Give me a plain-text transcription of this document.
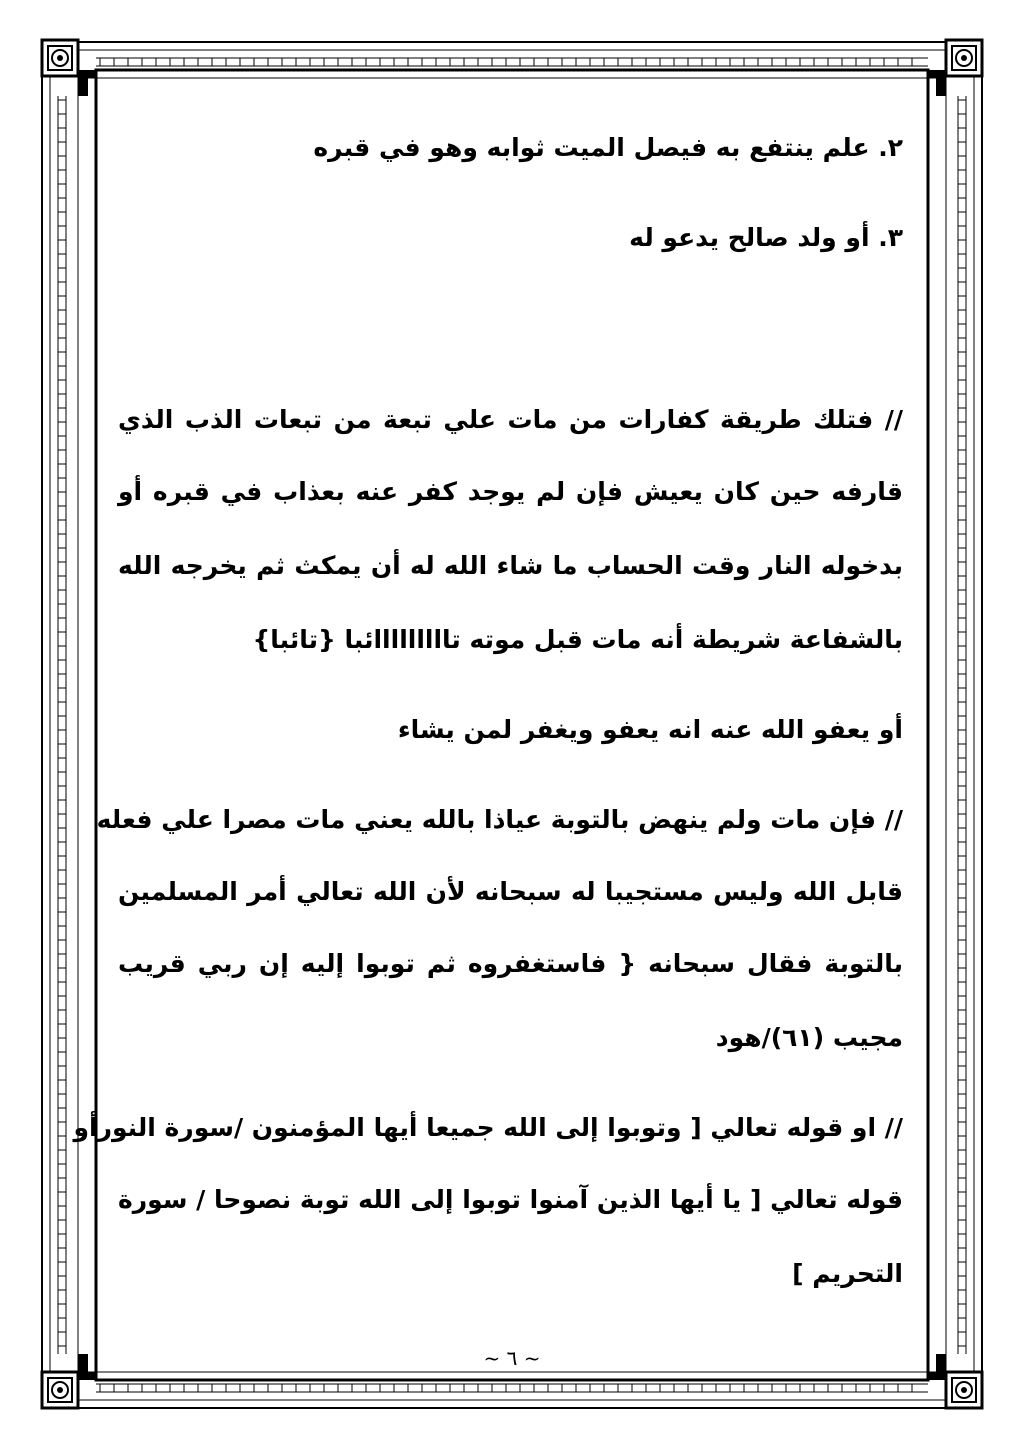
٢. علم ينتفع به فيصل الميت ثوابه وهو في قبره
٣. أو ولد صالح يدعو له
// فتلك طريقة كفارات من مات علي تبعة من تبعات الذب الذي
قارفه حين كان يعيش فإن لم يوجد كفر عنه بعذاب في قبره أو
بدخوله النار وقت الحساب ما شاء الله له أن يمكث ثم يخرجه الله
بالشفاعة شريطة أنه مات قبل موته تااااااااائبا {تائبا}
أو يعفو الله عنه انه يعفو ويغفر لمن يشاء
// فإن مات ولم ينهض بالتوبة عياذا بالله يعني مات مصرا علي فعله
قابل الله وليس مستجيبا له سبحانه لأن الله تعالي أمر المسلمين
بالتوبة فقال سبحانه { فاستغفروه ثم توبوا إليه إن ربي قريب
مجيب (٦١)/هود
// او قوله تعالي [ وتوبوا إلى الله جميعا أيها المؤمنون /سورة النورأو
قوله تعالي [ يا أيها الذين آمنوا توبوا إلى الله توبة نصوحا / سورة
التحريم ]
~ ٦ ~
